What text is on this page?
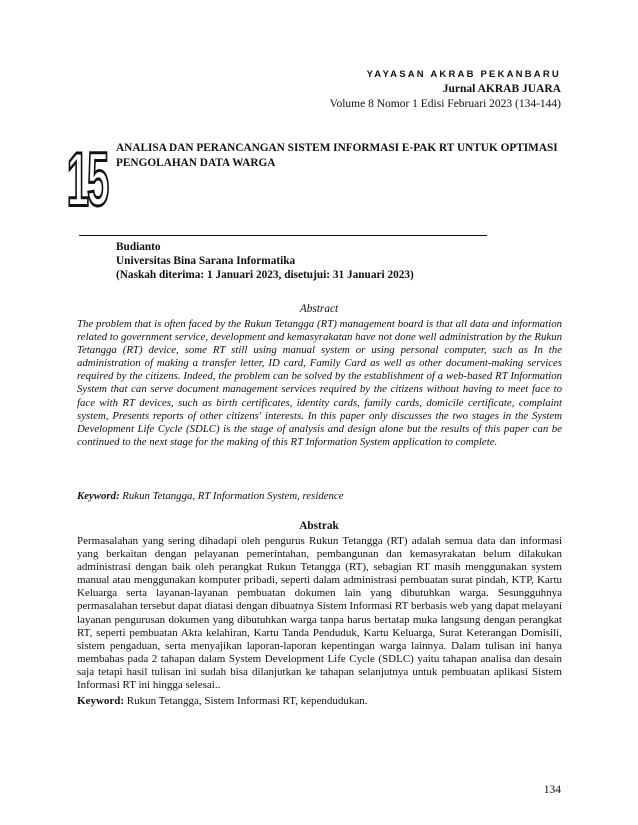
YAYASAN AKRAB PEKANBARU
Jurnal AKRAB JUARA
Volume 8 Nomor 1 Edisi Februari 2023 (134-144)
15 ANALISA DAN PERANCANGAN SISTEM INFORMASI E-PAK RT UNTUK OPTIMASI PENGOLAHAN DATA WARGA
Budianto
Universitas Bina Sarana Informatika
(Naskah diterima: 1 Januari 2023, disetujui: 31 Januari 2023)
Abstract
The problem that is often faced by the Rukun Tetangga (RT) management board is that all data and information related to government service, development and kemasyrakatan have not done well administration by the Rukun Tetangga (RT) device, some RT still using manual system or using personal computer, such as In the administration of making a transfer letter, ID card, Family Card as well as other document-making services required by the citizens. Indeed, the problem can be solved by the establishment of a web-based RT Information System that can serve document management services required by the citizens without having to meet face to face with RT devices, such as birth certificates, identity cards, family cards, domicile certificate, complaint system, Presents reports of other citizens' interests. In this paper only discusses the two stages in the System Development Life Cycle (SDLC) is the stage of analysis and design alone but the results of this paper can be continued to the next stage for the making of this RT Information System application to complete.
Keyword: Rukun Tetangga, RT Information System, residence
Abstrak
Permasalahan yang sering dihadapi oleh pengurus Rukun Tetangga (RT) adalah semua data dan informasi yang berkaitan dengan pelayanan pemerintahan, pembangunan dan kemasyrakatan belum dilakukan administrasi dengan baik oleh perangkat Rukun Tetangga (RT), sebagian RT masih menggunakan system manual atau menggunakan komputer pribadi, seperti dalam administrasi pembuatan surat pindah, KTP, Kartu Keluarga serta layanan-layanan pembuatan dokumen lain yang dibutuhkan warga. Sesungguhnya permasalahan tersebut dapat diatasi dengan dibuatnya Sistem Informasi RT berbasis web yang dapat melayani layanan pengurusan dokumen yang dibutuhkan warga tanpa harus bertatap muka langsung dengan perangkat RT, seperti pembuatan Akta kelahiran, Kartu Tanda Penduduk, Kartu Keluarga, Surat Keterangan Domisili, sistem pengaduan, serta menyajikan laporan-laporan kepentingan warga lainnya. Dalam tulisan ini hanya membahas pada 2 tahapan dalam System Development Life Cycle (SDLC) yaitu tahapan analisa dan desain saja tetapi hasil tulisan ini sudah bisa dilanjutkan ke tahapan selanjutnya untuk pembuatan aplikasi Sistem Informasi RT ini hingga selesai..
Keyword: Rukun Tetangga, Sistem Informasi RT, kependudukan.
134
